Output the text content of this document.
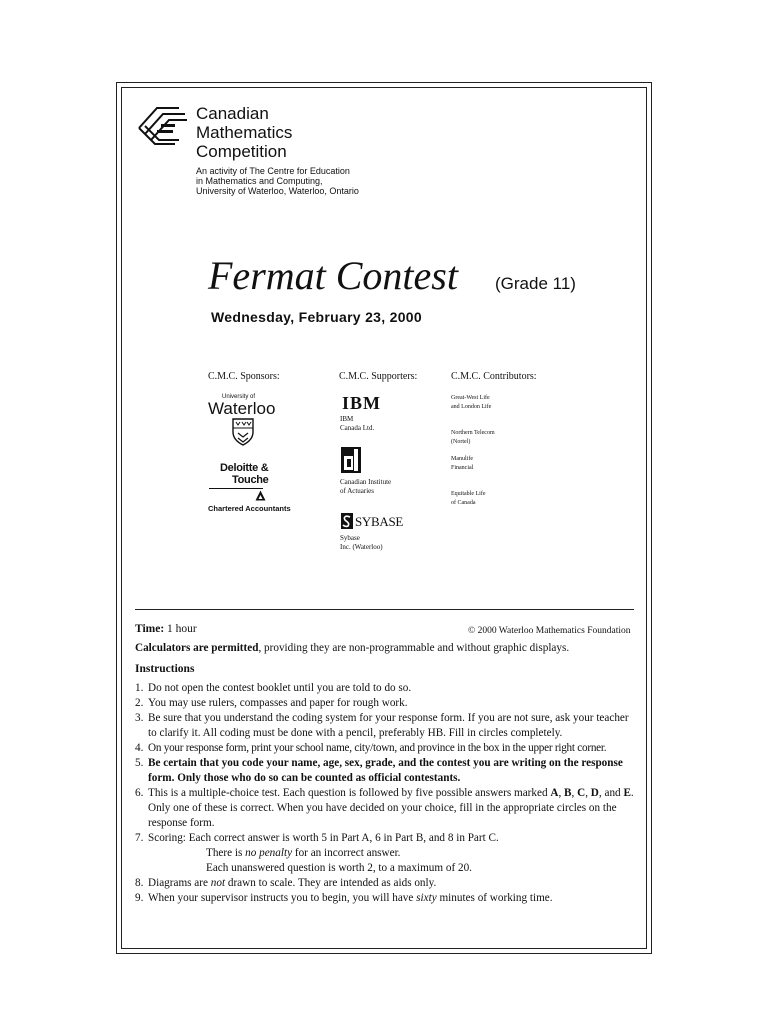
Canadian
Mathematics
Competition
An activity of The Centre for Education
in Mathematics and Computing,
University of Waterloo, Waterloo, Ontario
Fermat Contest (Grade 11)
Wednesday, February 23, 2000
C.M.C. Sponsors:
University of
Waterloo
Deloitte &
Touche
Chartered Accountants
C.M.C. Supporters:
IBM
IBM
Canada Ltd.
Canadian Institute
of Actuaries
SYBASE
Sybase
Inc. (Waterloo)
C.M.C. Contributors:
Great-West Life
and London Life
Northern Telecom
(Nortel)
Manulife
Financial
Equitable Life
of Canada
Time: 1 hour	© 2000 Waterloo Mathematics Foundation
Calculators are permitted, providing they are non-programmable and without graphic displays.
Instructions
1. Do not open the contest booklet until you are told to do so.
2. You may use rulers, compasses and paper for rough work.
3. Be sure that you understand the coding system for your response form. If you are not sure, ask your teacher to clarify it. All coding must be done with a pencil, preferably HB. Fill in circles completely.
4. On your response form, print your school name, city/town, and province in the box in the upper right corner.
5. Be certain that you code your name, age, sex, grade, and the contest you are writing on the response form. Only those who do so can be counted as official contestants.
6. This is a multiple-choice test. Each question is followed by five possible answers marked A, B, C, D, and E. Only one of these is correct. When you have decided on your choice, fill in the appropriate circles on the response form.
7. Scoring: Each correct answer is worth 5 in Part A, 6 in Part B, and 8 in Part C.
There is no penalty for an incorrect answer.
Each unanswered question is worth 2, to a maximum of 20.
8. Diagrams are not drawn to scale. They are intended as aids only.
9. When your supervisor instructs you to begin, you will have sixty minutes of working time.
